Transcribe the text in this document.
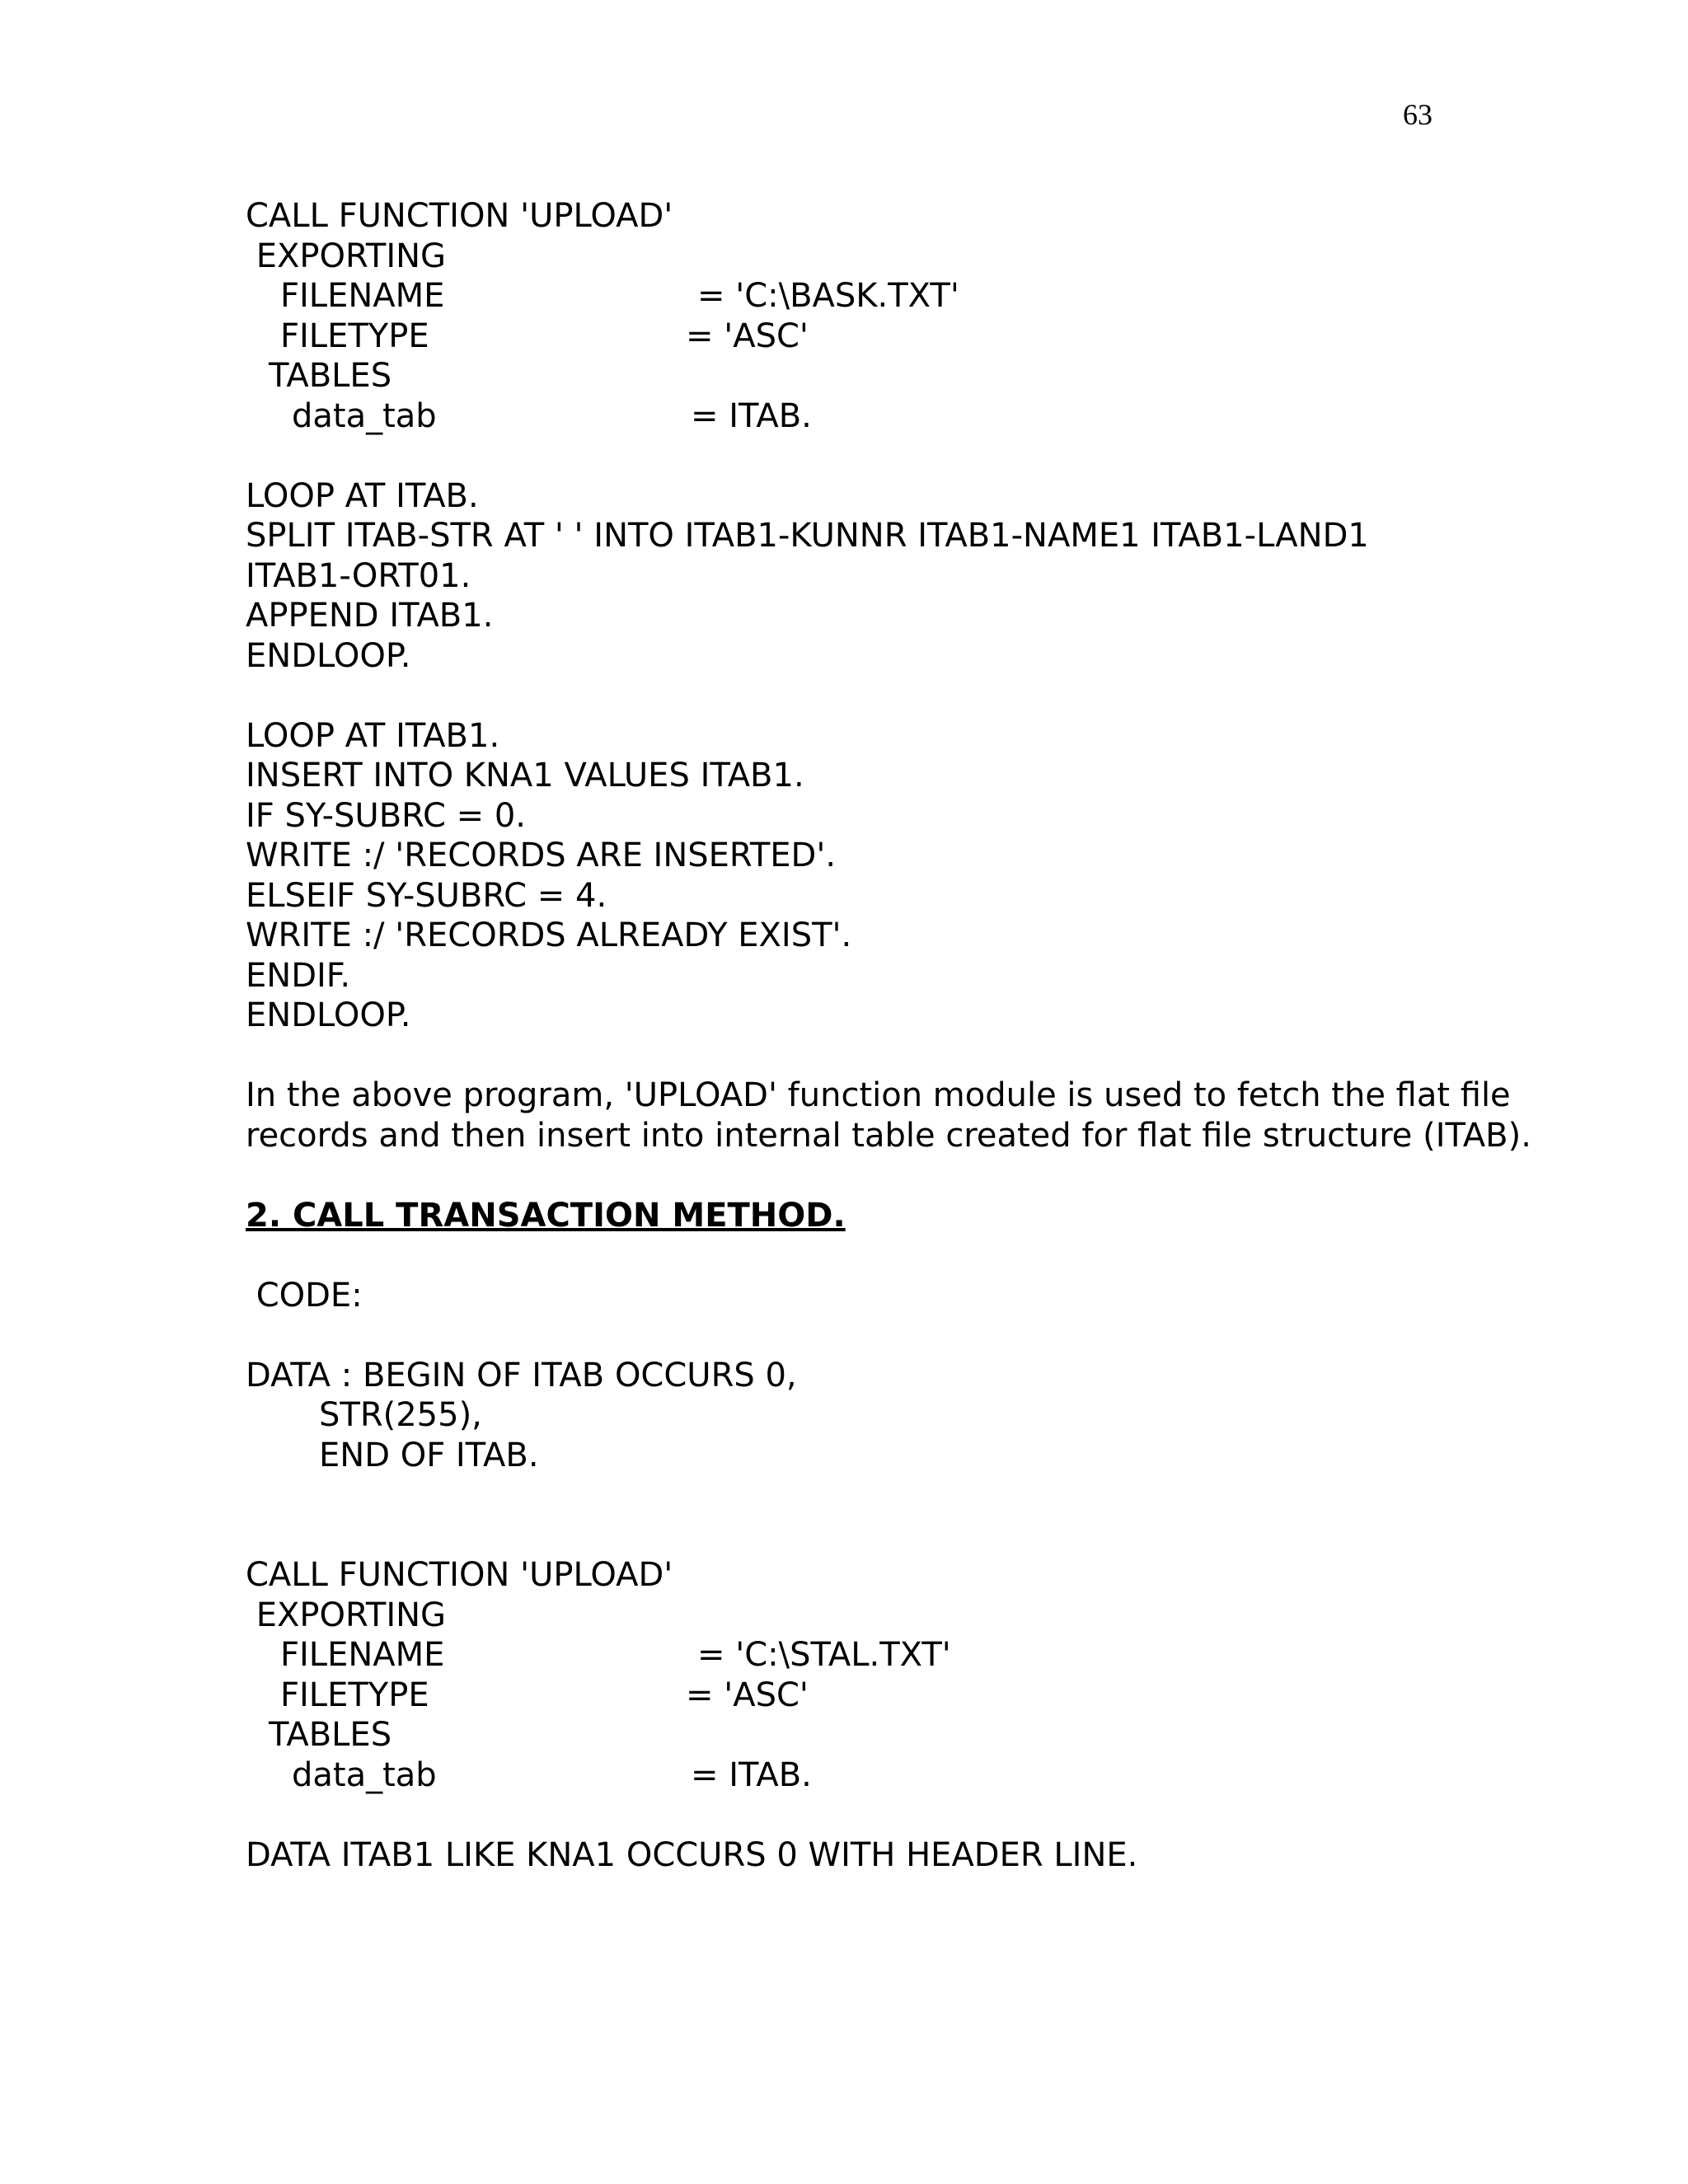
63
CALL FUNCTION 'UPLOAD'
EXPORTING

FILENAME

	= 'C:\BASK.TXT'

FILETYPE

	= 'ASC'

TABLES

data_tab

	= ITAB.

LOOP AT ITAB.
SPLIT ITAB-STR AT ' ' INTO ITAB1-KUNNR ITAB1-NAME1 ITAB1-LAND1
ITAB1-ORT01.
APPEND ITAB1.
ENDLOOP.
LOOP AT ITAB1.
INSERT INTO KNA1 VALUES ITAB1.
IF SY-SUBRC = 0.
WRITE :/ 'RECORDS ARE INSERTED'.
ELSEIF SY-SUBRC = 4.
WRITE :/ 'RECORDS ALREADY EXIST'.
ENDIF.
ENDLOOP.
In the above program, 'UPLOAD' function module is used to fetch the flat file records and then insert into internal table created for flat file structure (ITAB).
2. CALL TRANSACTION METHOD.
CODE:
DATA : BEGIN OF ITAB OCCURS 0,
STR(255),
END OF ITAB.
CALL FUNCTION 'UPLOAD'
EXPORTING

FILENAME

	= 'C:\STAL.TXT'

FILETYPE

	= 'ASC'

TABLES

data_tab

	= ITAB.

DATA ITAB1 LIKE KNA1 OCCURS 0 WITH HEADER LINE.
